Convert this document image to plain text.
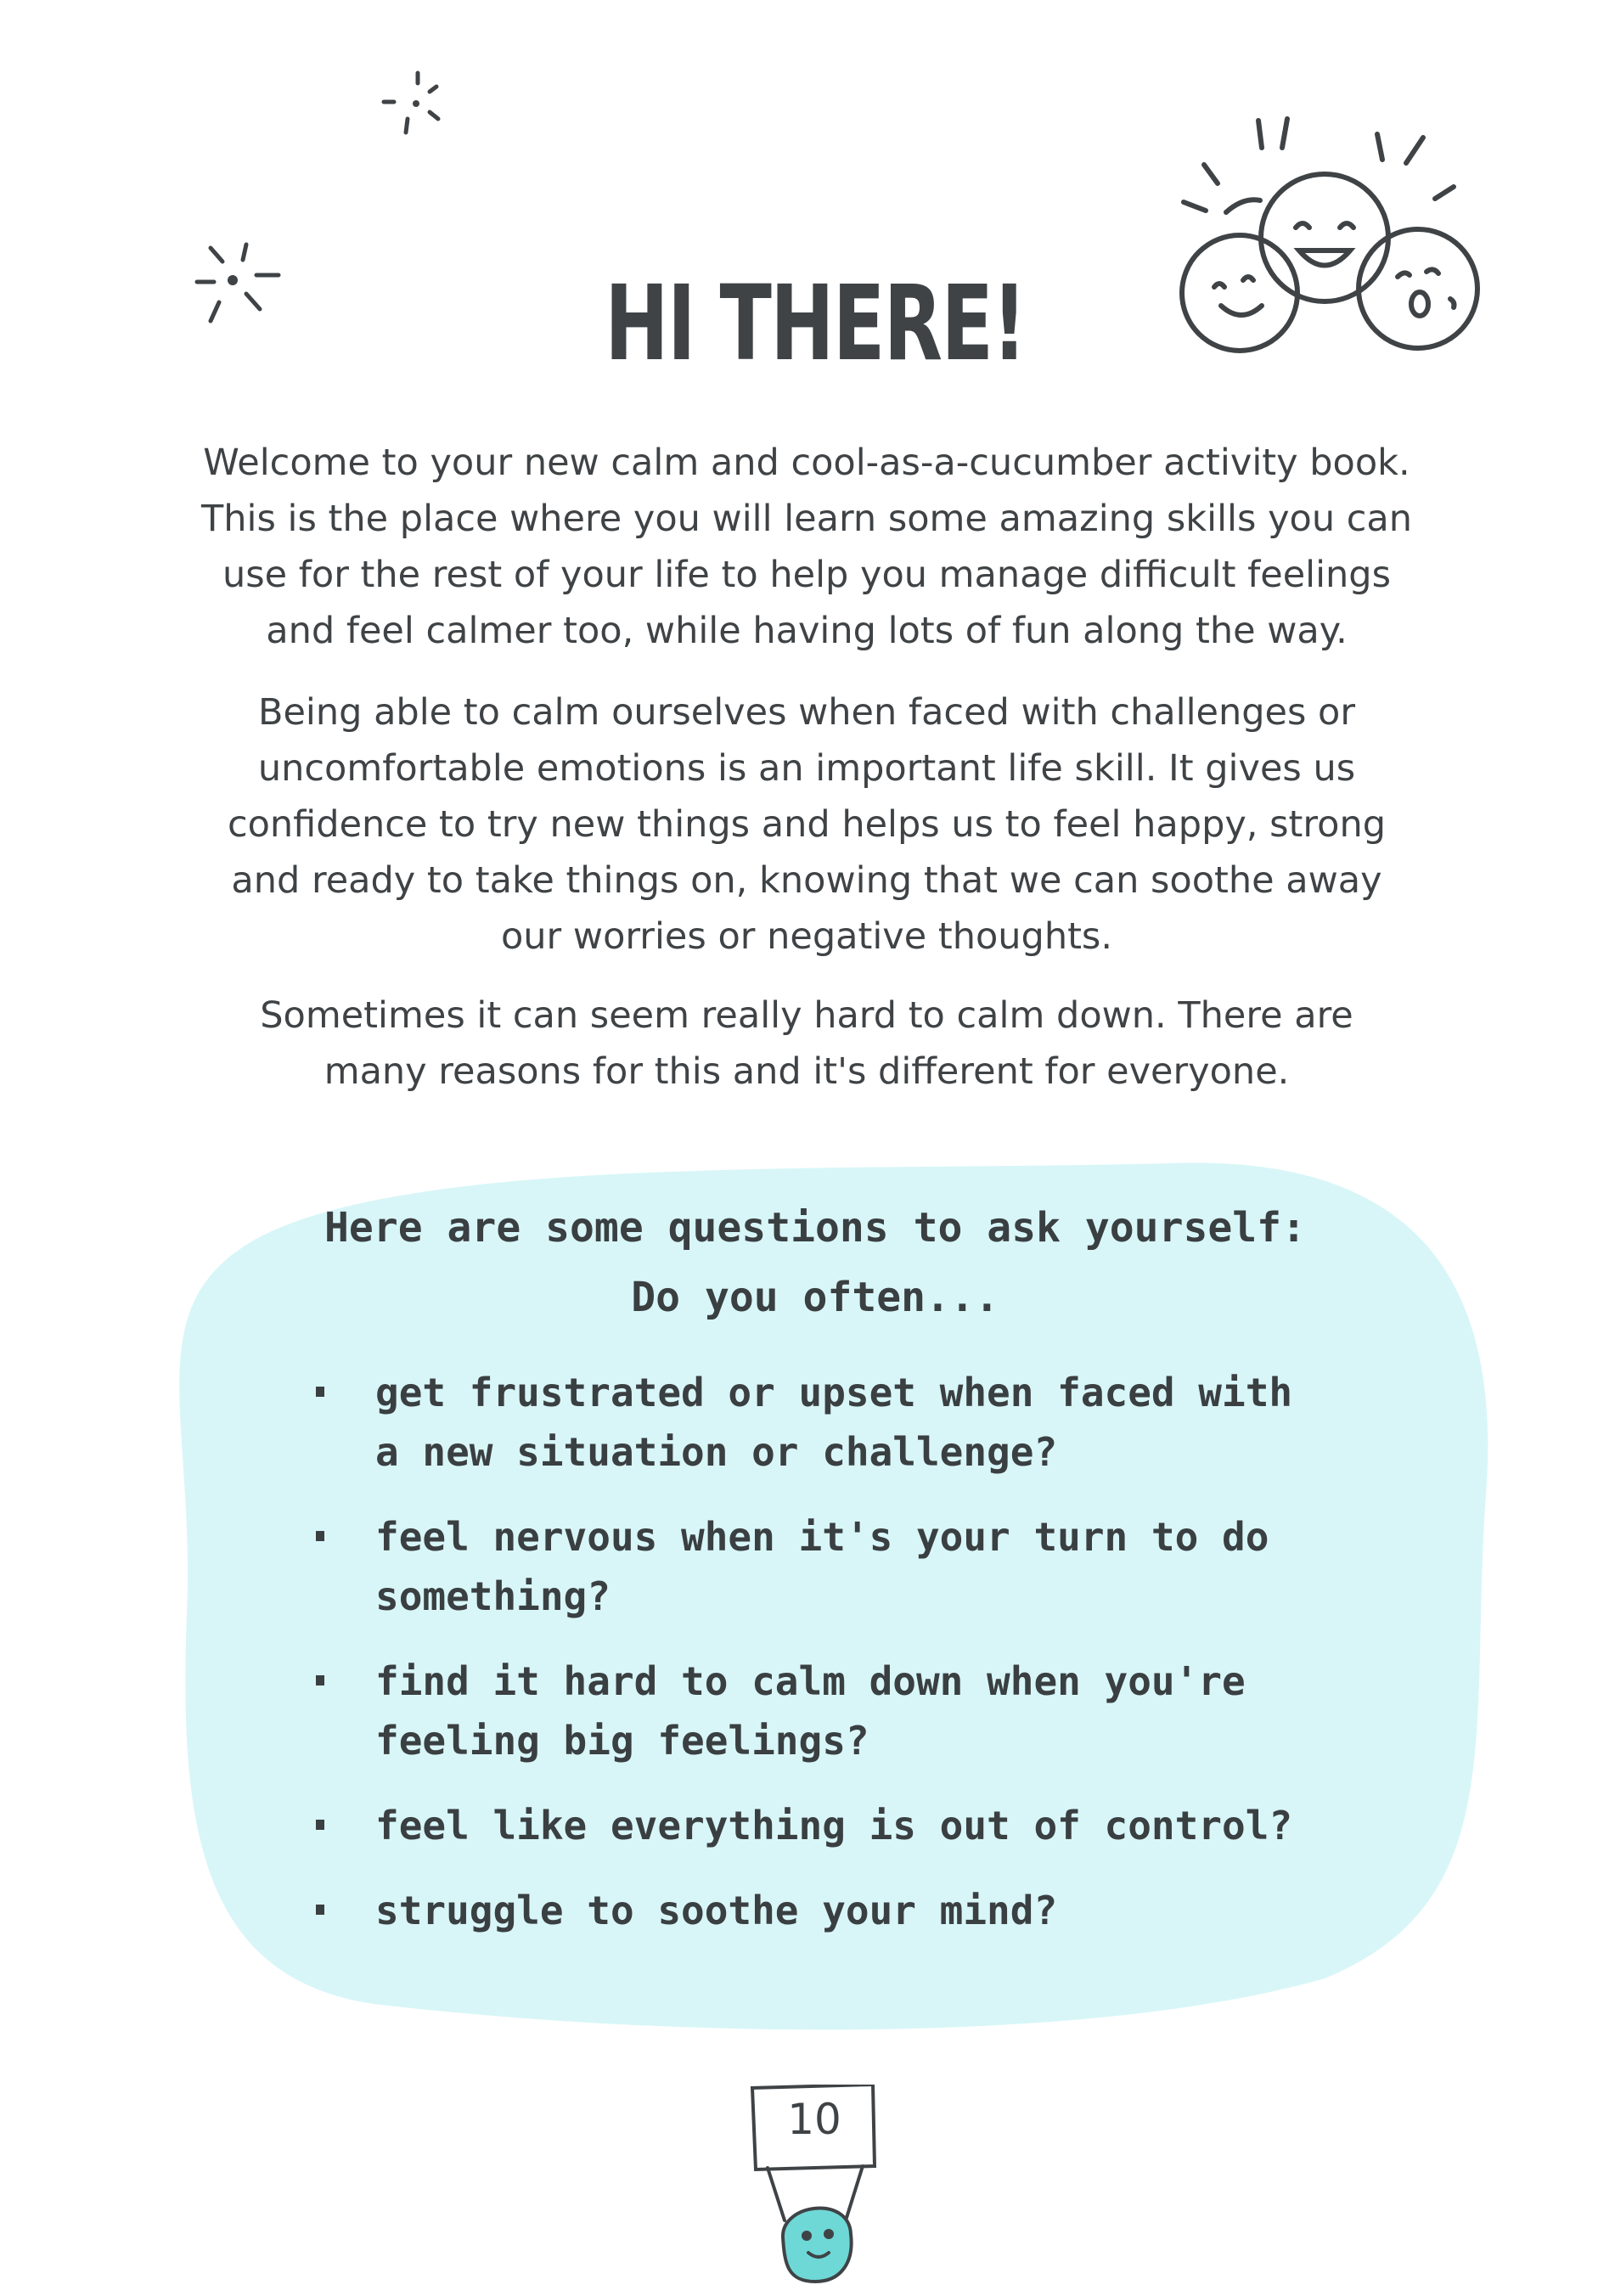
HI THERE!
Welcome to your new calm and cool-as-a-cucumber activity book.
This is the place where you will learn some amazing skills you can
use for the rest of your life to help you manage difficult feelings
and feel calmer too, while having lots of fun along the way.
Being able to calm ourselves when faced with challenges or
uncomfortable emotions is an important life skill. It gives us
confidence to try new things and helps us to feel happy, strong
and ready to take things on, knowing that we can soothe away
our worries or negative thoughts.
Sometimes it can seem really hard to calm down. There are
many reasons for this and it's different for everyone.
Here are some questions to ask yourself:
Do you often...
get frustrated or upset when faced with
a new situation or challenge?
feel nervous when it's your turn to do
something?
find it hard to calm down when you're
feeling big feelings?
feel like everything is out of control?
struggle to soothe your mind?
10
